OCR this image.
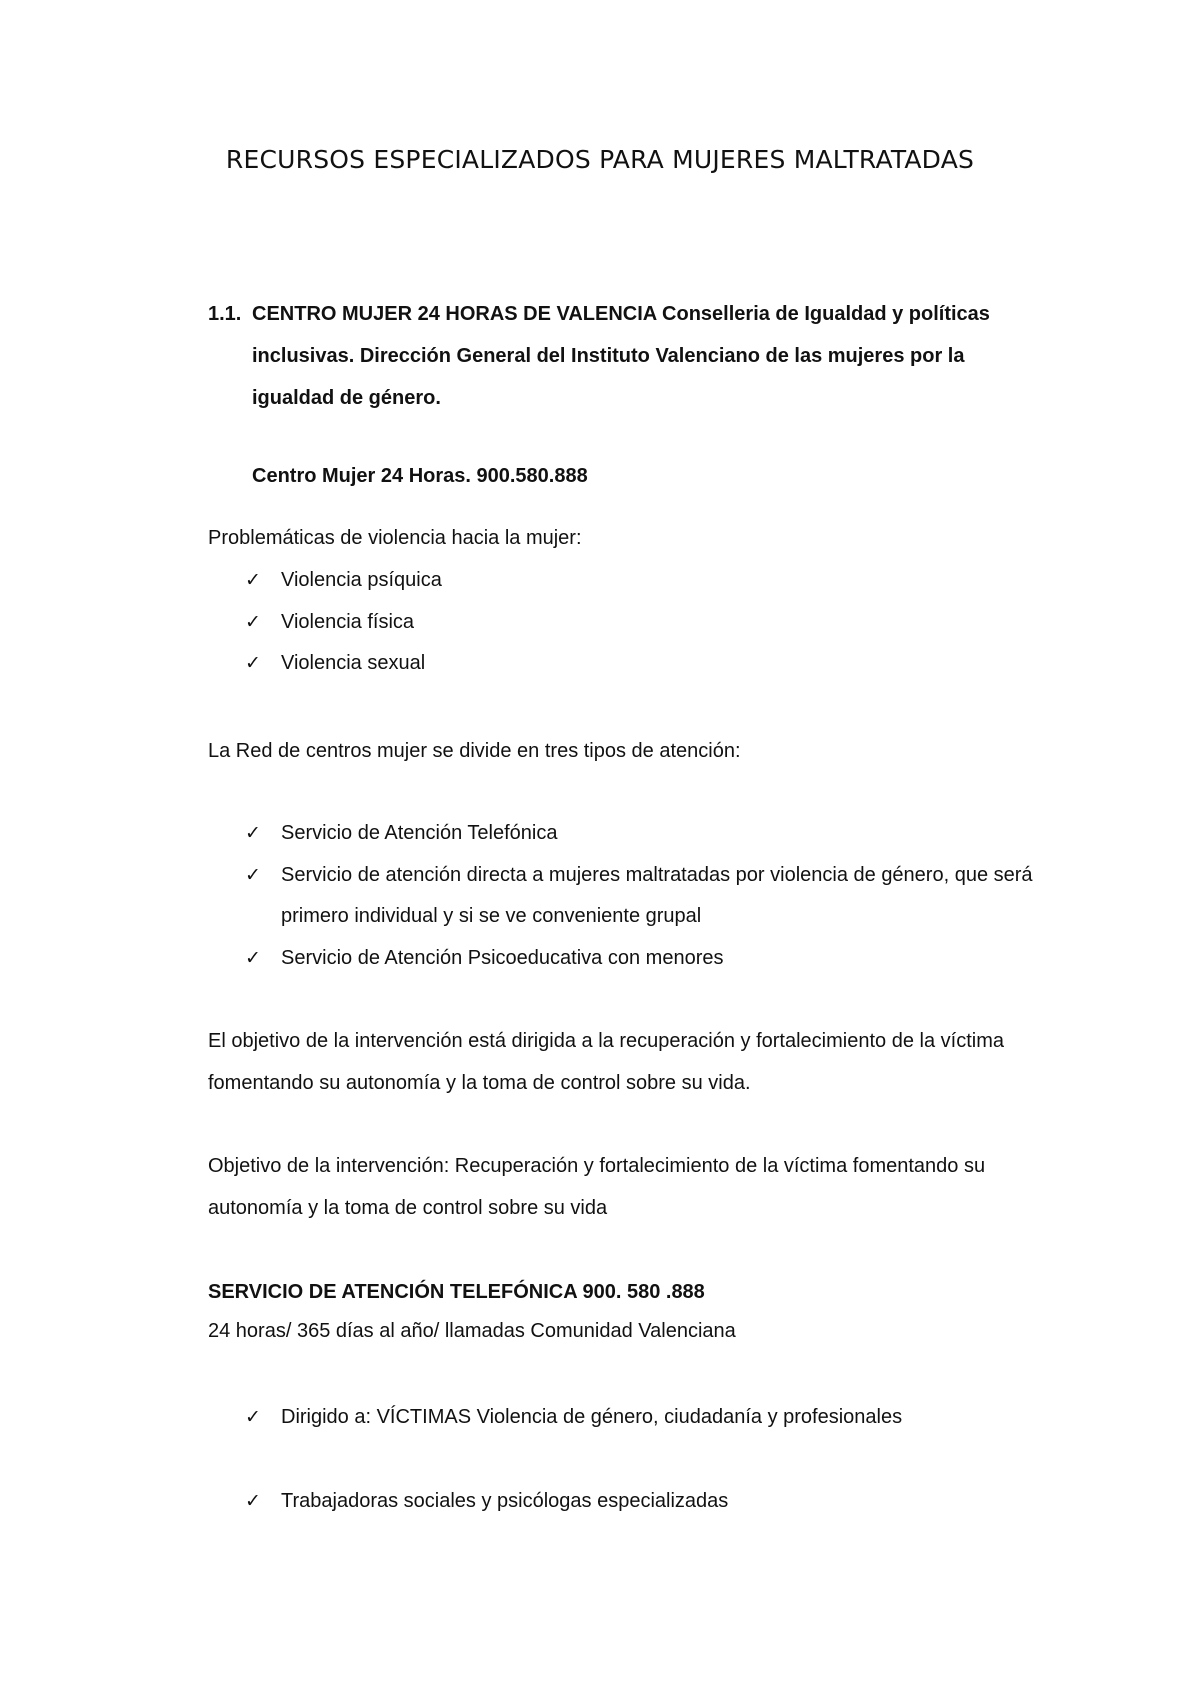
RECURSOS ESPECIALIZADOS PARA MUJERES MALTRATADAS
1.1. CENTRO MUJER 24 HORAS DE VALENCIA Conselleria de Igualdad y políticas
inclusivas. Dirección General del Instituto Valenciano de las mujeres por la
igualdad de género.
Centro Mujer 24 Horas. 900.580.888
Problemáticas de violencia hacia la mujer:
✓ Violencia psíquica
✓ Violencia física
✓ Violencia sexual
La Red de centros mujer se divide en tres tipos de atención:
✓ Servicio de Atención Telefónica
✓ Servicio de atención directa a mujeres maltratadas por violencia de género, que será
primero individual y si se ve conveniente grupal
✓ Servicio de Atención Psicoeducativa con menores
El objetivo de la intervención está dirigida a la recuperación y fortalecimiento de la víctima
fomentando su autonomía y la toma de control sobre su vida.
Objetivo de la intervención: Recuperación y fortalecimiento de la víctima fomentando su
autonomía y la toma de control sobre su vida
SERVICIO DE ATENCIÓN TELEFÓNICA 900. 580 .888
24 horas/ 365 días al año/ llamadas Comunidad Valenciana
✓ Dirigido a: VÍCTIMAS Violencia de género, ciudadanía y profesionales
✓ Trabajadoras sociales y psicólogas especializadas
